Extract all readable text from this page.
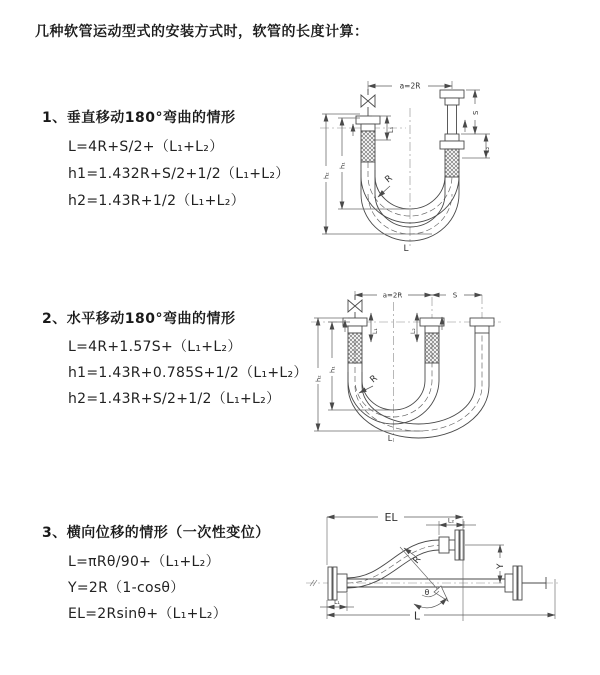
几种软管运动型式的安装方式时，软管的长度计算：
1、垂直移动180°弯曲的情形
L=4R+S/2+（L₁+L₂）
h1=1.432R+S/2+1/2（L₁+L₂）
h2=1.43R+1/2（L₁+L₂）
2、水平移动180°弯曲的情形
L=4R+1.57S+（L₁+L₂）
h1=1.43R+0.785S+1/2（L₁+L₂）
h2=1.43R+S/2+1/2（L₁+L₂）
3、横向位移的情形（一次性变位）
L=πRθ/90+（L₁+L₂）
Y=2R（1-cosθ）
EL=2Rsinθ+（L₁+L₂）
a=2R
h₁
h₂
L₁
S
L₂
R
L
a=2R	S
h₁
h₂
L₁	L₂
R
L
EL	L₂
Y
L
L₁
θ
R
